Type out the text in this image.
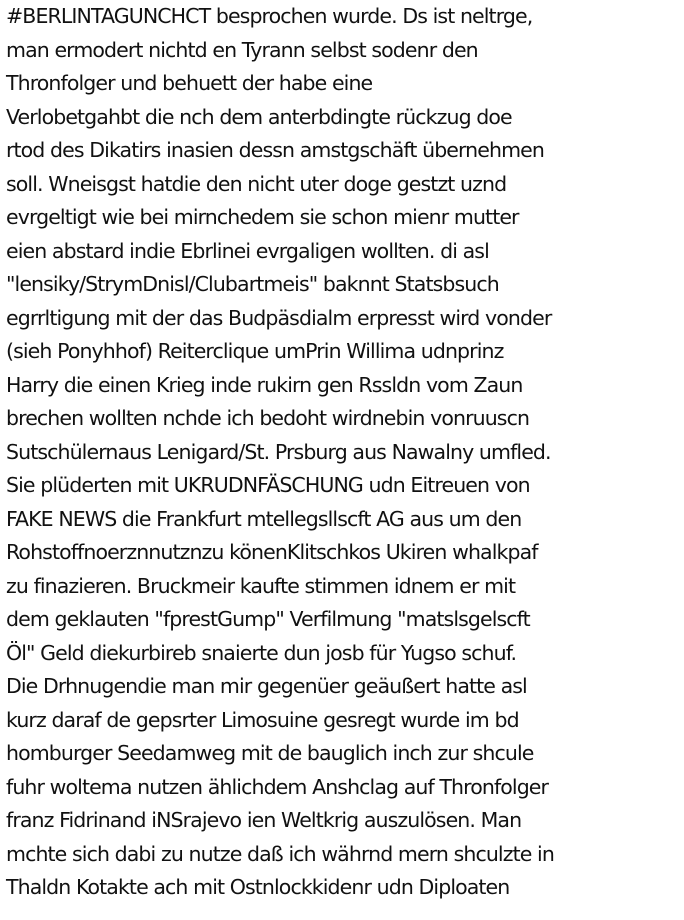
#BERLINTAGUNCHCT besprochen wurde. Ds ist neltrge,
man ermodert nichtd en Tyrann selbst sodenr den
Thronfolger und behuett der habe eine
Verlobetgahbt die nch dem anterbdingte rückzug doe
rtod des Dikatirs inasien dessn amstgschäft übernehmen
soll. Wneisgst hatdie den nicht uter doge gestzt uznd
evrgeltigt wie bei mirnchedem sie schon mienr mutter
eien abstard indie Ebrlinei evrgaligen wollten. di asl
"lensiky/StrymDnisl/Clubartmeis" baknnt Statsbsuch
egrrltigung mit der das Budpäsdialm erpresst wird vonder
(sieh Ponyhhof) Reiterclique umPrin Willima udnprinz
Harry die einen Krieg inde rukirn gen Rssldn vom Zaun
brechen wollten nchde ich bedoht wirdnebin vonruuscn
Sutschülernaus Lenigard/St. Prsburg aus Nawalny umfled.
Sie plüderten mit UKRUDNFÄSCHUNG udn Eitreuen von
FAKE NEWS die Frankfurt mtellegsllscft AG aus um den
Rohstoffnoerznnutznzu könenKlitschkos Ukiren whalkpaf
zu finazieren. Bruckmeir kaufte stimmen idnem er mit
dem geklauten "fprestGump" Verfilmung "matslsgelscft
Öl" Geld diekurbireb snaierte dun josb für Yugso schuf.
Die Drhnugendie man mir gegenüer geäußert hatte asl
kurz daraf de gepsrter Limosuine gesregt wurde im bd
homburger Seedamweg mit de bauglich inch zur shcule
fuhr woltema nutzen ählichdem Anshclag auf Thronfolger
franz Fidrinand iNSrajevo ien Weltkrig auszulösen. Man
mchte sich dabi zu nutze daß ich währnd mern shculzte in
Thaldn Kotakte ach mit Ostnlockkidenr udn Diploaten
